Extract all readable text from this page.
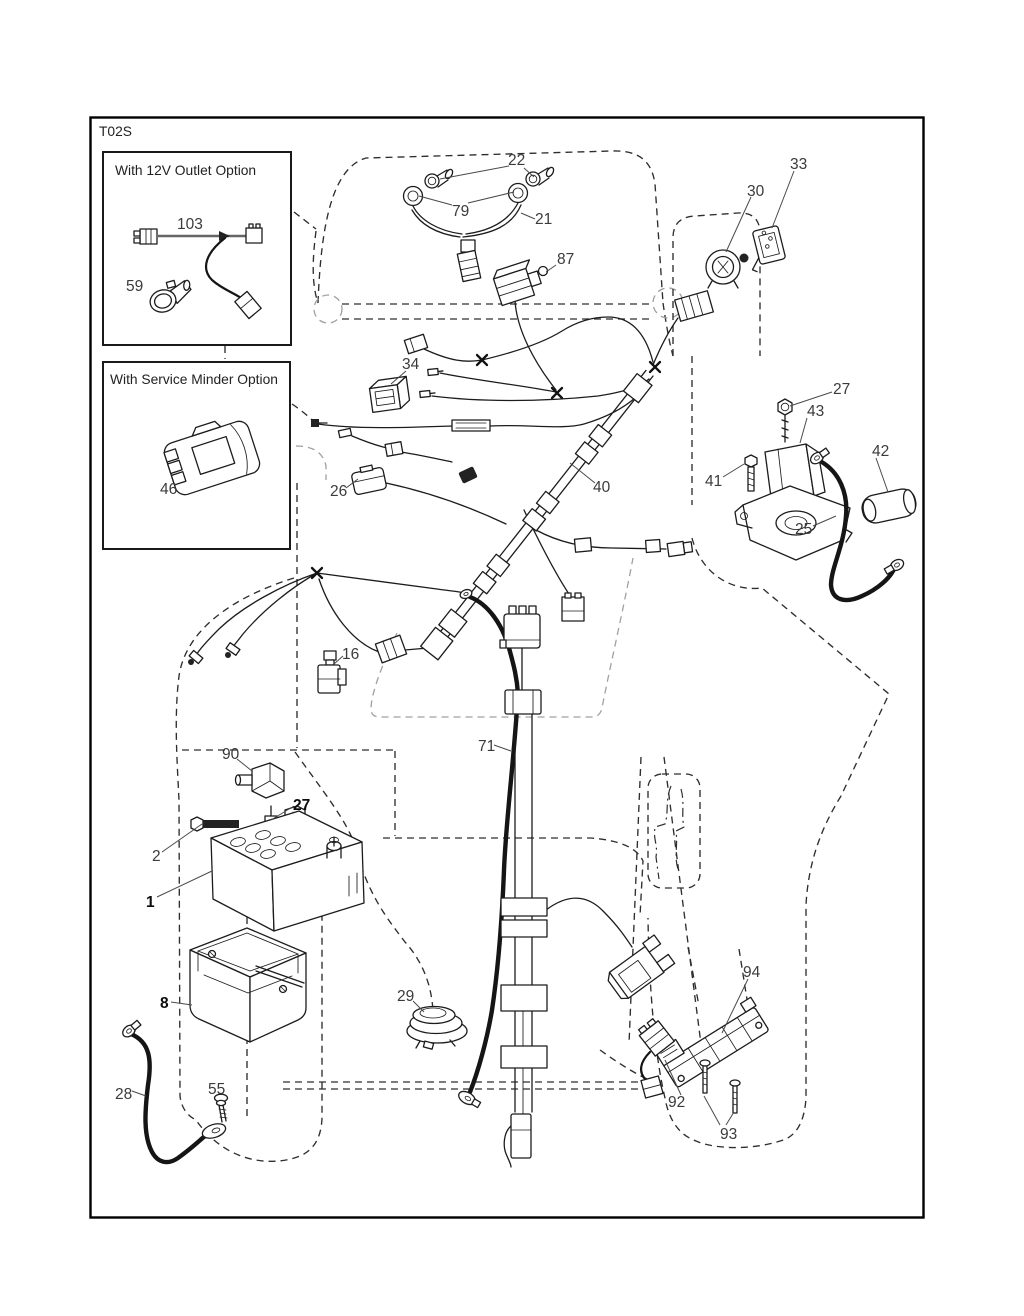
22
79	21
87
30
33
34
27
43
41
42
25
40
26
16
71
90
27
2
1
8
28	55
29
94
92
93
With 12V Outlet Option
103
59
With Service Minder Option
46
T02S
